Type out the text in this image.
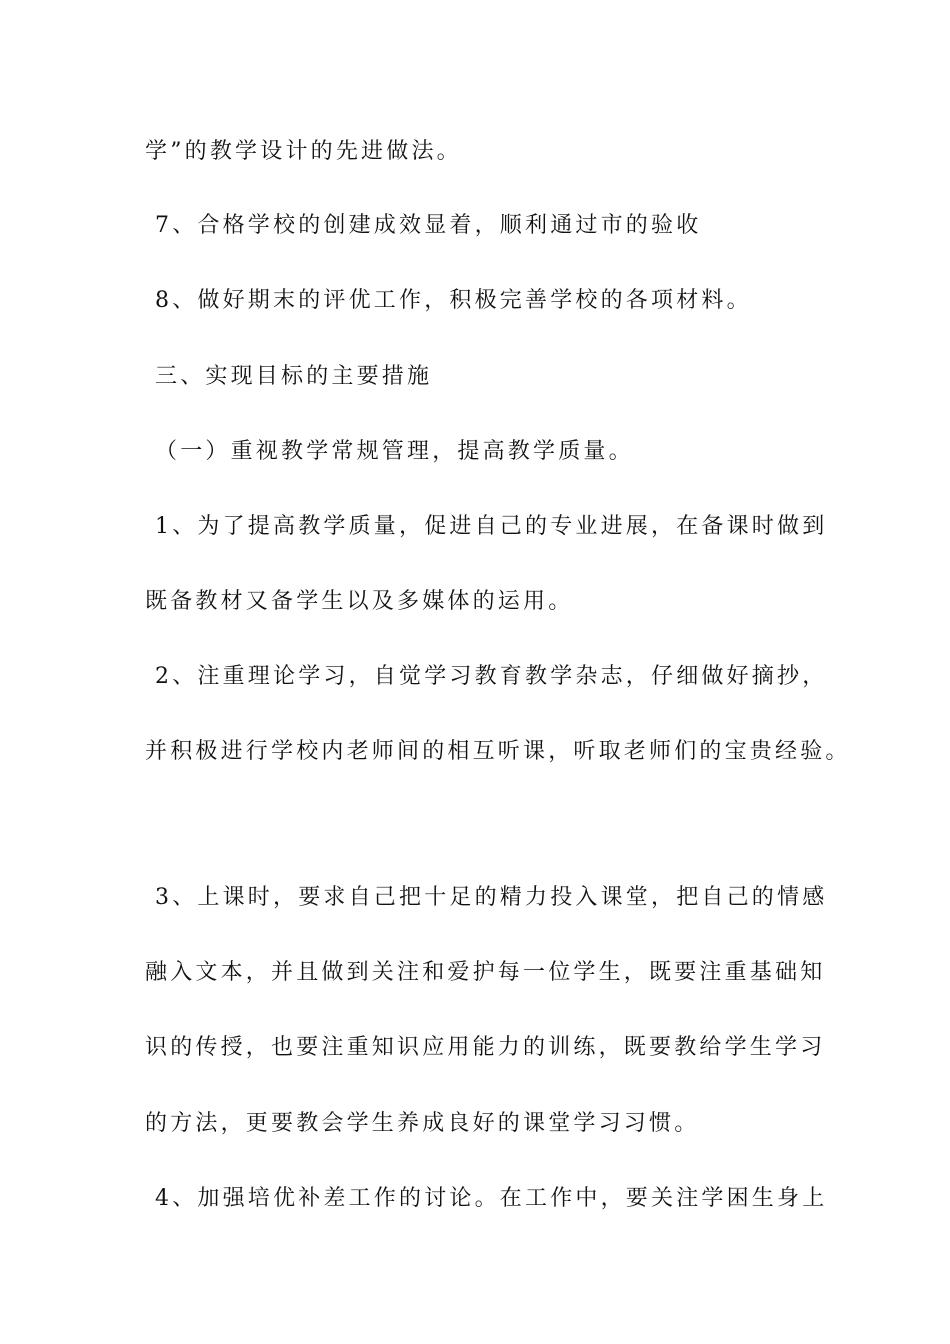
学”的教学设计的先进做法。
7、合格学校的创建成效显着，顺利通过市的验收
8、做好期末的评优工作，积极完善学校的各项材料。
三、实现目标的主要措施
（一）重视教学常规管理，提高教学质量。
1、为了提高教学质量，促进自己的专业进展，在备课时做到
既备教材又备学生以及多媒体的运用。
2、注重理论学习，自觉学习教育教学杂志，仔细做好摘抄，
并积极进行学校内老师间的相互听课，听取老师们的宝贵经验。
3、上课时，要求自己把十足的精力投入课堂，把自己的情感
融入文本，并且做到关注和爱护每一位学生，既要注重基础知
识的传授，也要注重知识应用能力的训练，既要教给学生学习
的方法，更要教会学生养成良好的课堂学习习惯。
4、加强培优补差工作的讨论。在工作中，要关注学困生身上
